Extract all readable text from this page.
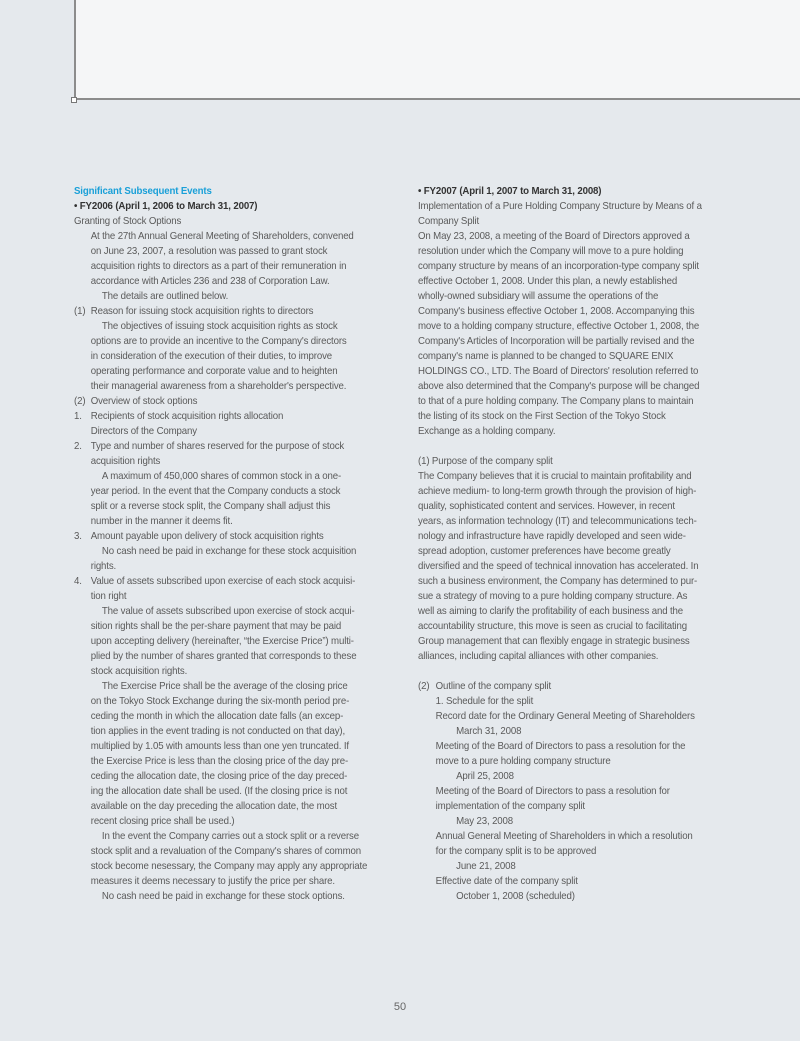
Significant Subsequent Events
• FY2006 (April 1, 2006 to March 31, 2007)
Granting of Stock Options
At the 27th Annual General Meeting of Shareholders, convened
on June 23, 2007, a resolution was passed to grant stock
acquisition rights to directors as a part of their remuneration in
accordance with Articles 236 and 238 of Corporation Law.
The details are outlined below.
(1) Reason for issuing stock acquisition rights to directors
The objectives of issuing stock acquisition rights as stock
options are to provide an incentive to the Company's directors
in consideration of the execution of their duties, to improve
operating performance and corporate value and to heighten
their managerial awareness from a shareholder's perspective.
(2) Overview of stock options
1. Recipients of stock acquisition rights allocation
Directors of the Company
2. Type and number of shares reserved for the purpose of stock
acquisition rights
A maximum of 450,000 shares of common stock in a one-
year period. In the event that the Company conducts a stock
split or a reverse stock split, the Company shall adjust this
number in the manner it deems fit.
3. Amount payable upon delivery of stock acquisition rights
No cash need be paid in exchange for these stock acquisition
rights.
4. Value of assets subscribed upon exercise of each stock acquisi-
tion right
The value of assets subscribed upon exercise of stock acqui-
sition rights shall be the per-share payment that may be paid
upon accepting delivery (hereinafter, “the Exercise Price”) multi-
plied by the number of shares granted that corresponds to these
stock acquisition rights.
The Exercise Price shall be the average of the closing price
on the Tokyo Stock Exchange during the six-month period pre-
ceding the month in which the allocation date falls (an excep-
tion applies in the event trading is not conducted on that day),
multiplied by 1.05 with amounts less than one yen truncated. If
the Exercise Price is less than the closing price of the day pre-
ceding the allocation date, the closing price of the day preced-
ing the allocation date shall be used. (If the closing price is not
available on the day preceding the allocation date, the most
recent closing price shall be used.)
In the event the Company carries out a stock split or a reverse
stock split and a revaluation of the Company's shares of common
stock become nesessary, the Company may apply any appropriate
measures it deems necessary to justify the price per share.
No cash need be paid in exchange for these stock options.
• FY2007 (April 1, 2007 to March 31, 2008)
Implementation of a Pure Holding Company Structure by Means of a
Company Split
On May 23, 2008, a meeting of the Board of Directors approved a
resolution under which the Company will move to a pure holding
company structure by means of an incorporation-type company split
effective October 1, 2008. Under this plan, a newly established
wholly-owned subsidiary will assume the operations of the
Company's business effective October 1, 2008. Accompanying this
move to a holding company structure, effective October 1, 2008, the
Company's Articles of Incorporation will be partially revised and the
company's name is planned to be changed to SQUARE ENIX
HOLDINGS CO., LTD. The Board of Directors' resolution referred to
above also determined that the Company's purpose will be changed
to that of a pure holding company. The Company plans to maintain
the listing of its stock on the First Section of the Tokyo Stock
Exchange as a holding company.
(1) Purpose of the company split
The Company believes that it is crucial to maintain profitability and
achieve medium- to long-term growth through the provision of high-
quality, sophisticated content and services. However, in recent
years, as information technology (IT) and telecommunications tech-
nology and infrastructure have rapidly developed and seen wide-
spread adoption, customer preferences have become greatly
diversified and the speed of technical innovation has accelerated. In
such a business environment, the Company has determined to pur-
sue a strategy of moving to a pure holding company structure. As
well as aiming to clarify the profitability of each business and the
accountability structure, this move is seen as crucial to facilitating
Group management that can flexibly engage in strategic business
alliances, including capital alliances with other companies.
(2) Outline of the company split
1. Schedule for the split
Record date for the Ordinary General Meeting of Shareholders
March 31, 2008
Meeting of the Board of Directors to pass a resolution for the
move to a pure holding company structure
April 25, 2008
Meeting of the Board of Directors to pass a resolution for
implementation of the company split
May 23, 2008
Annual General Meeting of Shareholders in which a resolution
for the company split is to be approved
June 21, 2008
Effective date of the company split
October 1, 2008 (scheduled)
50
